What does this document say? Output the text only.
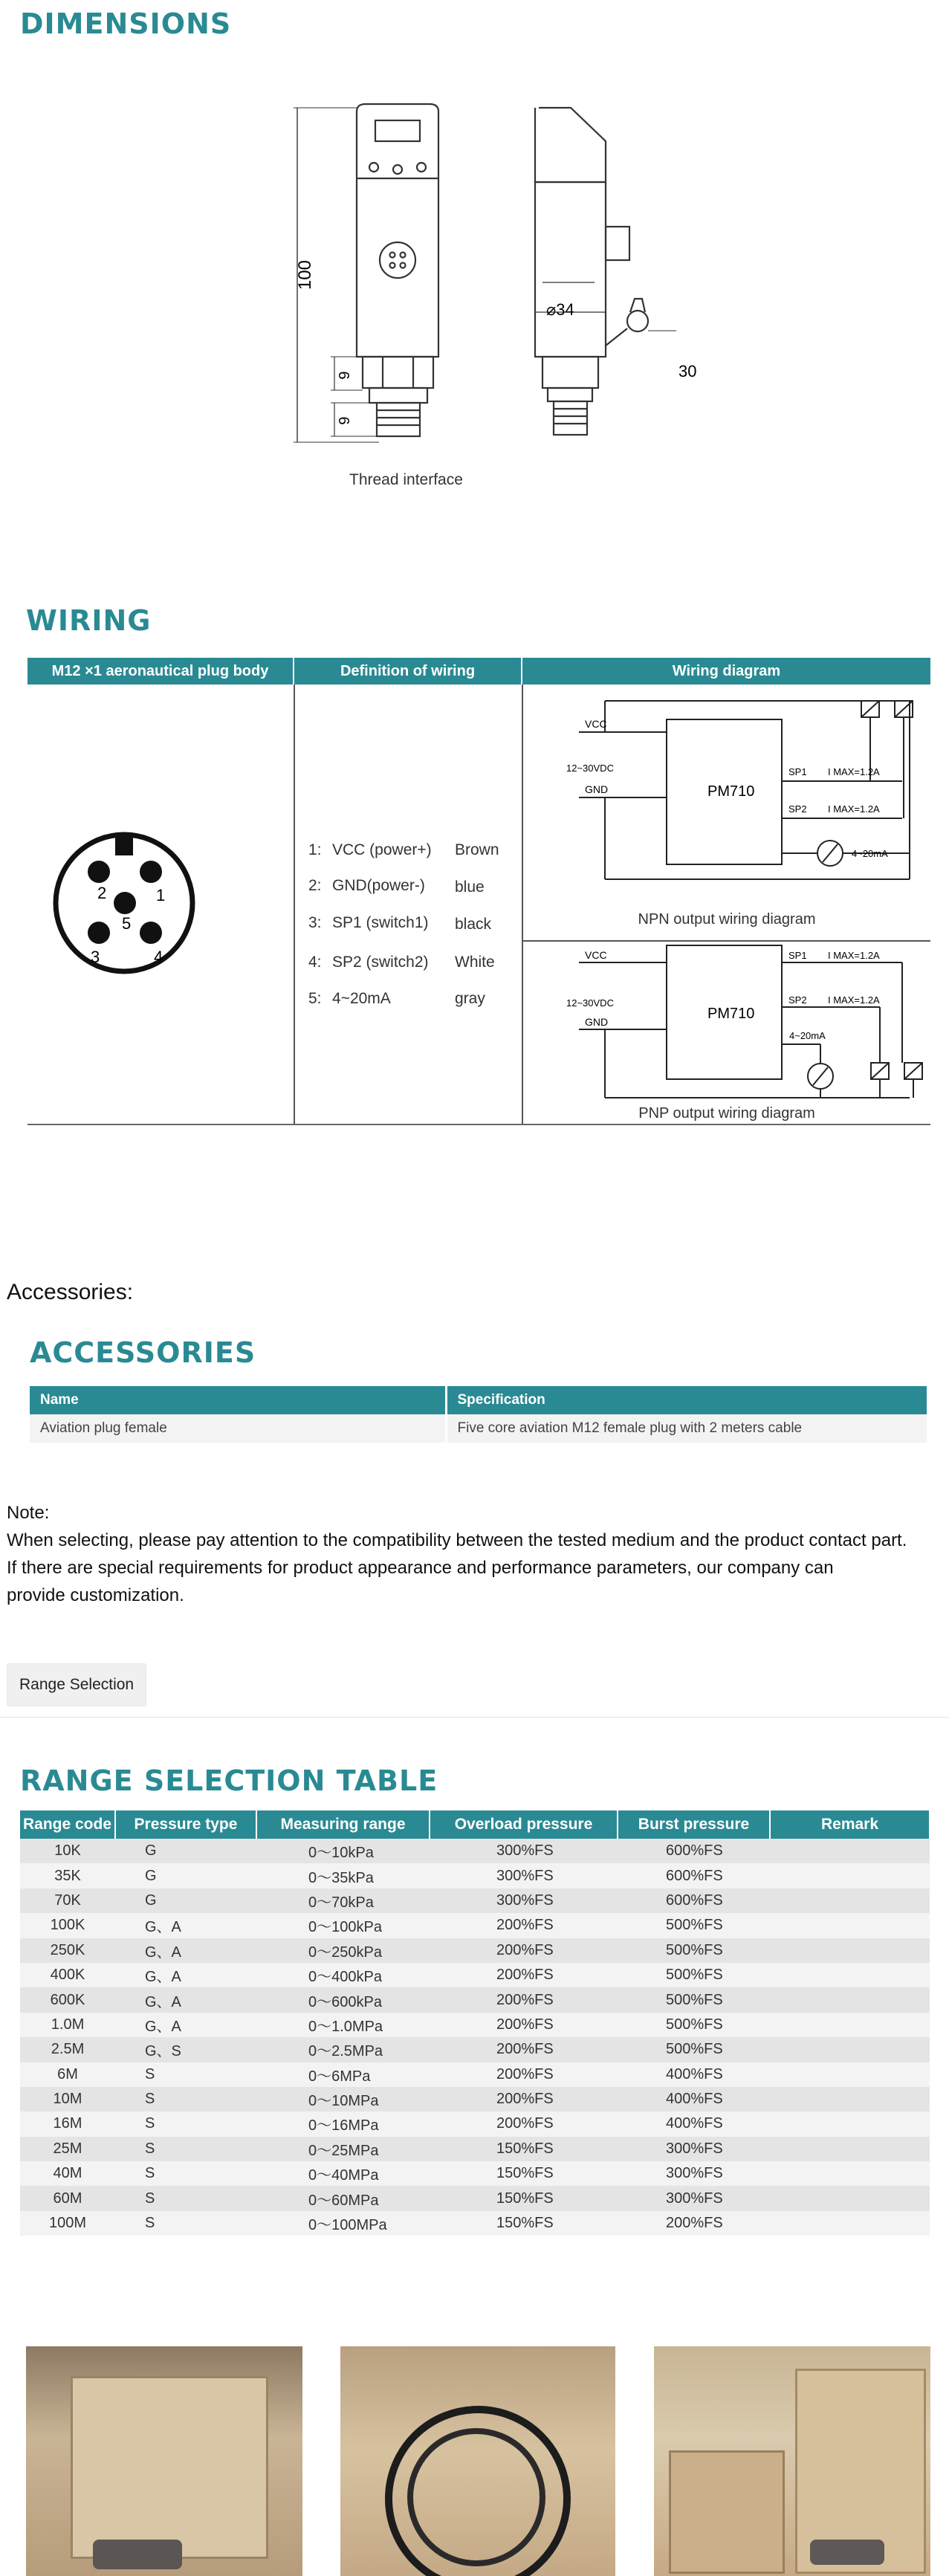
DIMENSIONS
100
9
9
⌀34
30
Thread interface
WIRING
M12 ×1 aeronautical plug body	Definition of wiring	Wiring diagram
2	1
5
3	4
1: VCC (power+) Brown
2: GND(power-) blue
3: SP1 (switch1) black
4: SP2 (switch2) White
5: 4~20mA	gray
PM710
VCC
12~30VDC
GND
SP1 I MAX=1.2A
SP2 I MAX=1.2A
4~20mA
NPN output wiring diagram
PM710
VCC
12~30VDC
GND
SP1 I MAX=1.2A
SP2 I MAX=1.2A
4~20mA
PNP output wiring diagram
Accessories:
ACCESSORIES
Name	Specification
Aviation plug female	Five core aviation M12 female plug with 2 meters cable

Note:

When selecting, please pay attention to the compatibility between the tested medium and the product contact part.

If there are special requirements for product appearance and performance parameters, our company can

provide customization.

Range Selection
RANGE SELECTION TABLE
Range code	Pressure type	Measuring range	Overload pressure	Burst pressure	Remark
10K	G	0～10kPa	300%FS	600%FS	
35K	G	0～35kPa	300%FS	600%FS	
70K	G	0～70kPa	300%FS	600%FS	
100K	G、A	0～100kPa	200%FS	500%FS	
250K	G、A	0～250kPa	200%FS	500%FS	
400K	G、A	0～400kPa	200%FS	500%FS	
600K	G、A	0～600kPa	200%FS	500%FS	
1.0M	G、A	0～1.0MPa	200%FS	500%FS	
2.5M	G、S	0～2.5MPa	200%FS	500%FS	
6M	S	0～6MPa	200%FS	400%FS	
10M	S	0～10MPa	200%FS	400%FS	
16M	S	0～16MPa	200%FS	400%FS	
25M	S	0～25MPa	150%FS	300%FS	
40M	S	0～40MPa	150%FS	300%FS	
60M	S	0～60MPa	150%FS	300%FS	
100M	S	0～100MPa	150%FS	200%FS	
